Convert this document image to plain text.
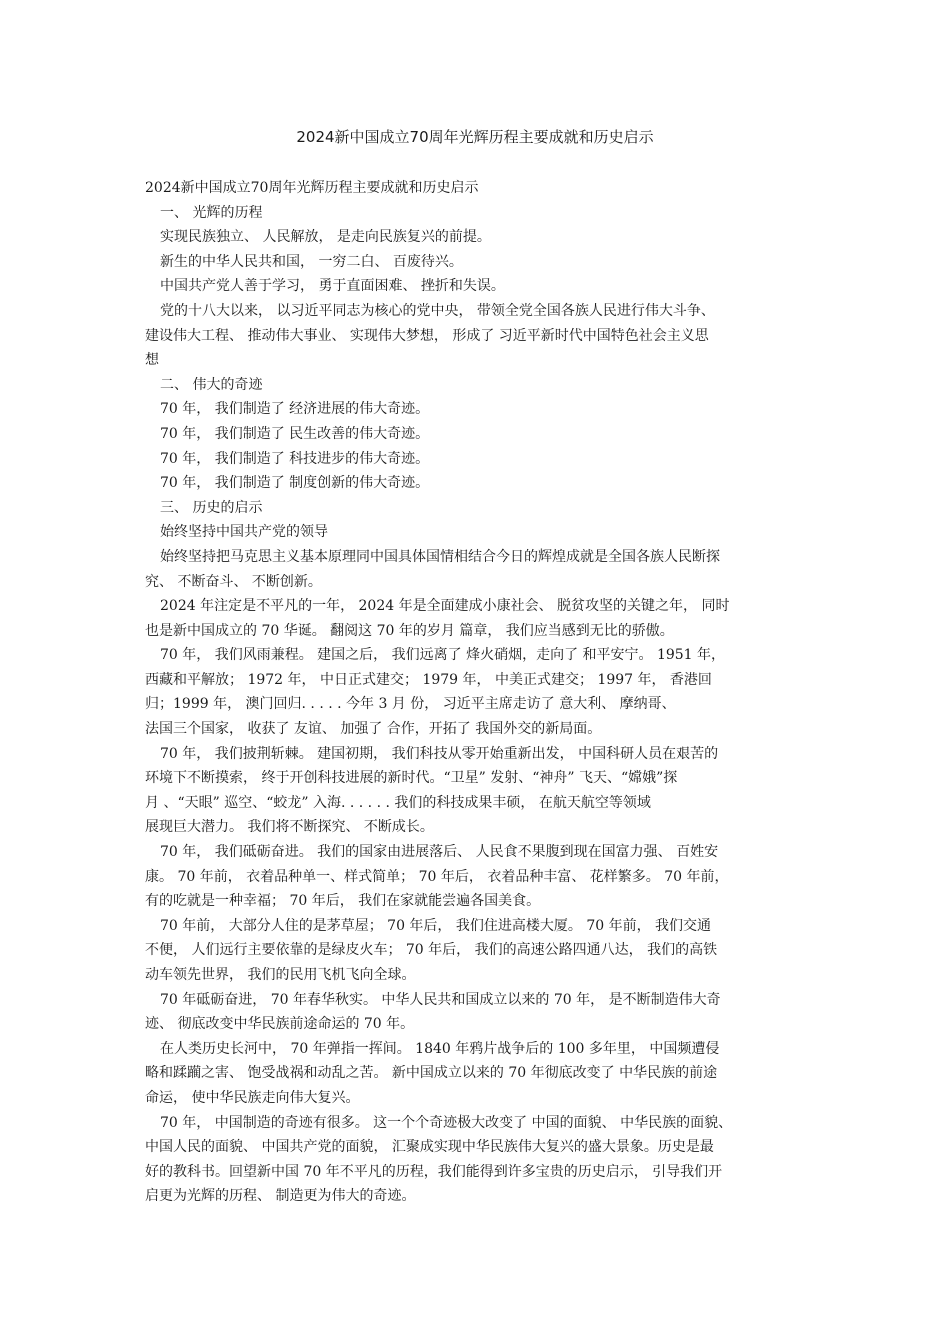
2024新中国成立70周年光辉历程主要成就和历史启示
2024新中国成立70周年光辉历程主要成就和历史启示
一、 光辉的历程
实现民族独立、 人民解放， 是走向民族复兴的前提。
新生的中华人民共和国， 一穷二白、 百废待兴。
中国共产党人善于学习， 勇于直面困难、 挫折和失误。
党的十八大以来， 以习近平同志为核心的党中央， 带领全党全国各族人民进行伟大斗争、
建设伟大工程、 推动伟大事业、 实现伟大梦想， 形成了 习近平新时代中国特色社会主义思
想
二、 伟大的奇迹
70 年， 我们制造了 经济进展的伟大奇迹。
70 年， 我们制造了 民生改善的伟大奇迹。
70 年， 我们制造了 科技进步的伟大奇迹。
70 年， 我们制造了 制度创新的伟大奇迹。
三、 历史的启示
始终坚持中国共产党的领导
始终坚持把马克思主义基本原理同中国具体国情相结合今日的辉煌成就是全国各族人民断探
究、 不断奋斗、 不断创新。
2024 年注定是不平凡的一年， 2024 年是全面建成小康社会、 脱贫攻坚的关键之年， 同时
也是新中国成立的 70 华诞。 翻阅这 70 年的岁月 篇章， 我们应当感到无比的骄傲。
70 年， 我们风雨兼程。 建国之后， 我们远离了 烽火硝烟，走向了 和平安宁。 1951 年，
西藏和平解放； 1972 年， 中日正式建交； 1979 年， 中美正式建交； 1997 年， 香港回
归；1999 年， 澳门回归. . . . . 今年 3 月 份， 习近平主席走访了 意大利、 摩纳哥、
法国三个国家， 收获了 友谊、 加强了 合作，开拓了 我国外交的新局面。
70 年， 我们披荆斩棘。 建国初期， 我们科技从零开始重新出发， 中国科研人员在艰苦的
环境下不断摸索， 终于开创科技进展的新时代。“卫星” 发射、“神舟” 飞天、“嫦娥”探
月 、“天眼” 巡空、“蛟龙” 入海. . . . . . 我们的科技成果丰硕， 在航天航空等领域
展现巨大潜力。 我们将不断探究、 不断成长。
70 年， 我们砥砺奋进。 我们的国家由进展落后、 人民食不果腹到现在国富力强、 百姓安
康。 70 年前， 衣着品种单一、样式简单； 70 年后， 衣着品种丰富、 花样繁多。 70 年前，
有的吃就是一种幸福； 70 年后， 我们在家就能尝遍各国美食。
70 年前， 大部分人住的是茅草屋； 70 年后， 我们住进高楼大厦。 70 年前， 我们交通
不便， 人们远行主要依靠的是绿皮火车； 70 年后， 我们的高速公路四通八达， 我们的高铁
动车领先世界， 我们的民用飞机飞向全球。
70 年砥砺奋进， 70 年春华秋实。 中华人民共和国成立以来的 70 年， 是不断制造伟大奇
迹、 彻底改变中华民族前途命运的 70 年。
在人类历史长河中， 70 年弹指一挥间。 1840 年鸦片战争后的 100 多年里， 中国频遭侵
略和蹂躏之害、 饱受战祸和动乱之苦。 新中国成立以来的 70 年彻底改变了 中华民族的前途
命运， 使中华民族走向伟大复兴。
70 年， 中国制造的奇迹有很多。 这一个个奇迹极大改变了 中国的面貌、 中华民族的面貌、
中国人民的面貌、 中国共产党的面貌， 汇聚成实现中华民族伟大复兴的盛大景象。历史是最
好的教科书。回望新中国 70 年不平凡的历程，我们能得到许多宝贵的历史启示， 引导我们开
启更为光辉的历程、 制造更为伟大的奇迹。
